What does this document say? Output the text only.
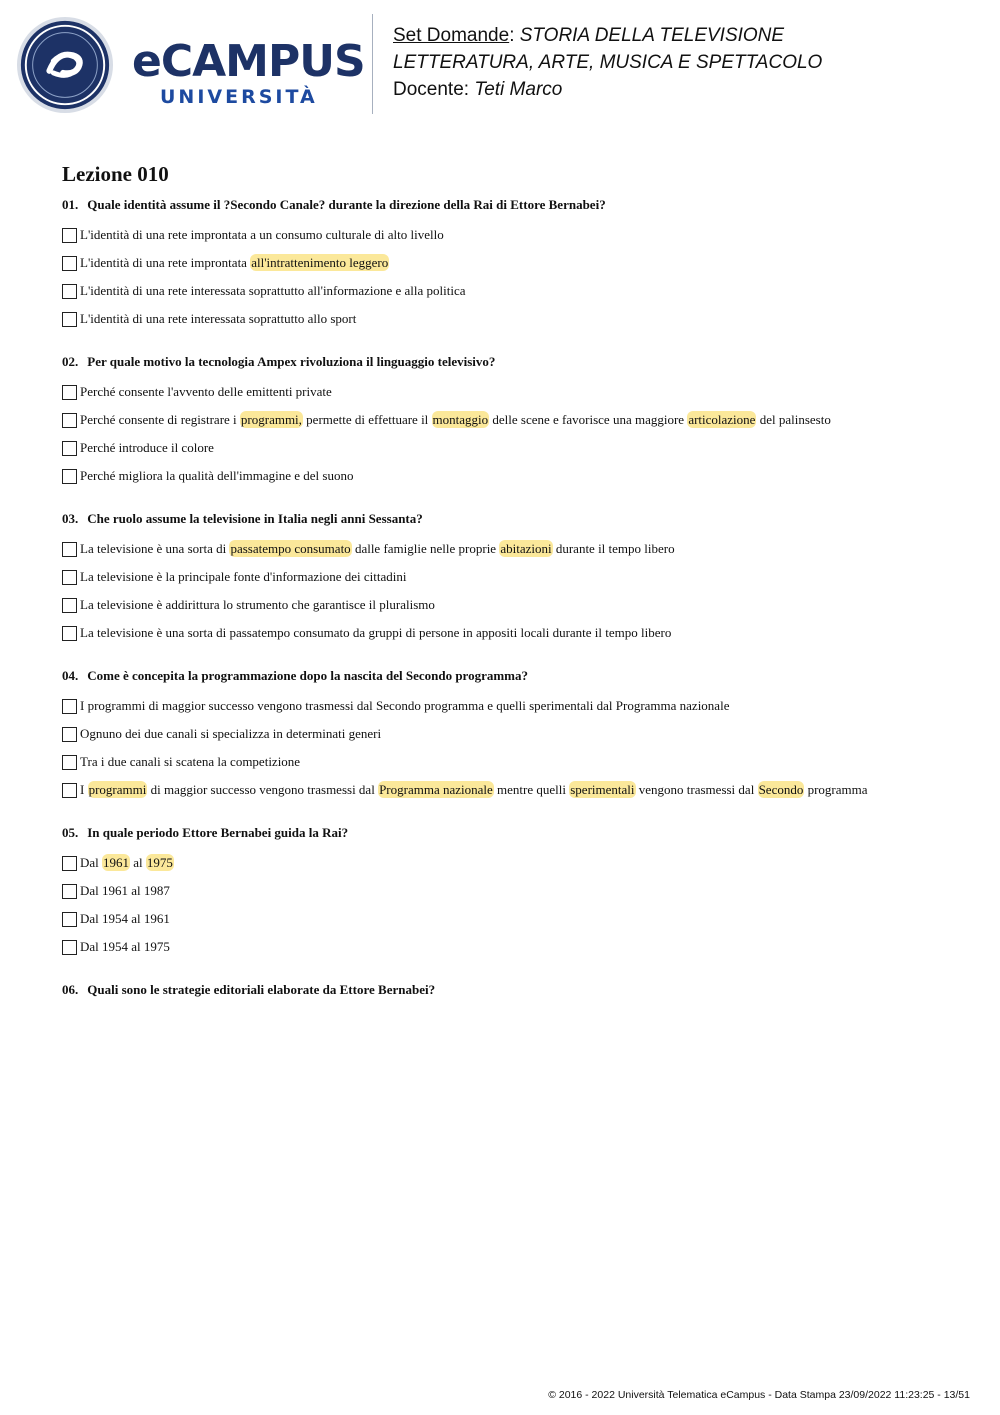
eCAMPUS
UNIVERSITÀ
Set Domande: STORIA DELLA TELEVISIONE
LETTERATURA, ARTE, MUSICA E SPETTACOLO
Docente: Teti Marco
Lezione 010

01. Quale identità assume il ?Secondo Canale? durante la direzione della Rai di Ettore Bernabei?

L'identità di una rete improntata a un consumo culturale di alto livello
L'identità di una rete improntata all'intrattenimento leggero
L'identità di una rete interessata soprattutto all'informazione e alla politica
L'identità di una rete interessata soprattutto allo sport

02. Per quale motivo la tecnologia Ampex rivoluziona il linguaggio televisivo?

Perché consente l'avvento delle emittenti private
Perché consente di registrare i programmi, permette di effettuare il montaggio delle scene e favorisce una maggiore articolazione del palinsesto
Perché introduce il colore
Perché migliora la qualità dell'immagine e del suono

03. Che ruolo assume la televisione in Italia negli anni Sessanta?

La televisione è una sorta di passatempo consumato dalle famiglie nelle proprie abitazioni durante il tempo libero
La televisione è la principale fonte d'informazione dei cittadini
La televisione è addirittura lo strumento che garantisce il pluralismo
La televisione è una sorta di passatempo consumato da gruppi di persone in appositi locali durante il tempo libero

04. Come è concepita la programmazione dopo la nascita del Secondo programma?

I programmi di maggior successo vengono trasmessi dal Secondo programma e quelli sperimentali dal Programma nazionale
Ognuno dei due canali si specializza in determinati generi
Tra i due canali si scatena la competizione
I programmi di maggior successo vengono trasmessi dal Programma nazionale mentre quelli sperimentali vengono trasmessi dal Secondo programma

05. In quale periodo Ettore Bernabei guida la Rai?

Dal 1961 al 1975
Dal 1961 al 1987
Dal 1954 al 1961
Dal 1954 al 1975

06. Quali sono le strategie editoriali elaborate da Ettore Bernabei?

© 2016 - 2022 Università Telematica eCampus - Data Stampa 23/09/2022 11:23:25 - 13/51
